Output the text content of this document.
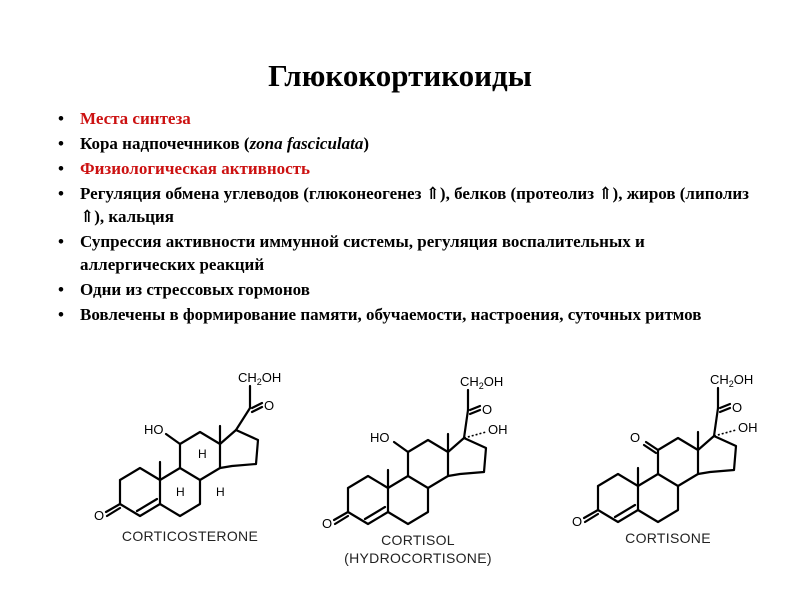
Глюкокортикоиды
• Места синтеза
• Кора надпочечников (zona fasciculata)
• Физиологическая активность
• Регуляция обмена углеводов (глюконеогенез ⇑), белков (протеолиз ⇑), жиров (липолиз ⇑), кальция
• Супрессия активности иммунной системы, регуляция воспалительных и аллергических реакций
• Одни из стрессовых гормонов
• Вовлечены в формирование памяти, обучаемости, настроения, суточных ритмов
$CH_2OH$
O
HO
O
H
H	H
CORTICOSTERONE
$CH_2OH$
O
OH
HO
O
CORTISOL
(HYDROCORTISONE)
$CH_2OH$
O
OH
O
O
CORTISONE
